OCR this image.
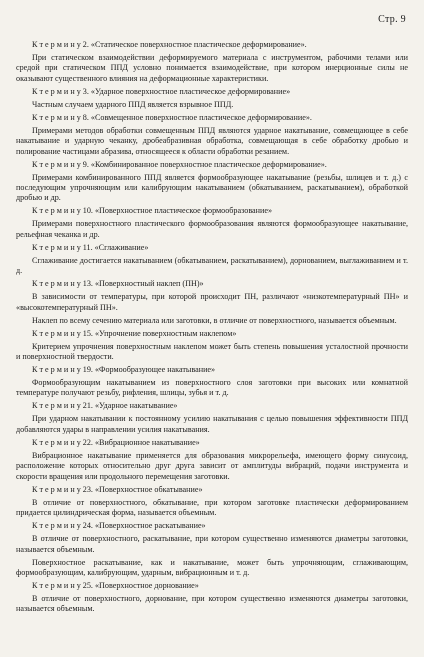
Стр. 9

К т е р м и н у 2. «Статическое поверхностное пластическое деформирование».

При статическом взаимодействии деформируемого материала с инструментом, рабочими телами или средой при статическом ППД условно понимается взаимодействие, при котором инерционные силы не оказывают существенного влияния на деформационные характеристики.

К т е р м и н у 3. «Ударное поверхностное пластическое деформирование»

Частным случаем ударного ППД является взрывное ППД.

К т е р м и н у 8. «Совмещенное поверхностное пластическое деформирование».

Примерами методов обработки совмещенным ППД являются ударное накатывание, совмещающее в себе накатывание и ударную чеканку, дробеабразивная обработка, совмещающая в себе обработку дробью и полирование частицами абразива, относящееся к области обработки резанием.

К т е р м и н у 9. «Комбинированное поверхностное пластическое деформирование».

Примерами комбинированного ППД является формообразующее накатывание (резьбы, шлицев и т. д.) с последующим упрочняющим или калибрующим накатыванием (обкатыванием, раскатыванием), обработкой дробью и др.

К т е р м и н у 10. «Поверхностное пластическое формообразование»

Примерами поверхностного пластического формообразования являются формообразующее накатывание, рельефная чеканка и др.

К т е р м и н у 11. «Сглаживание»

Сглаживание достигается накатыванием (обкатыванием, раскатыванием), дорнованием, выглаживанием и т. д.

К т е р м и н у 13. «Поверхностный наклеп (ПН)»

В зависимости от температуры, при которой происходит ПН, различают «низкотемпературный ПН» и «высокотемпературный ПН».

Наклеп по всему сечению материала или заготовки, в отличие от поверхностного, называется объемным.

К т е р м и н у 15. «Упрочнение поверхностным наклепом»

Критерием упрочнения поверхностным наклепом может быть степень повышения усталостной прочности и поверхностной твердости.

К т е р м и н у 19. «Формообразующее накатывание»

Формообразующим накатыванием из поверхностного слоя заготовки при высоких или комнатной температуре получают резьбу, рифления, шлицы, зубья и т. д.

К т е р м и н у 21. «Ударное накатывание»

При ударном накатывании к постоянному усилию накатывания с целью повышения эффективности ППД добавляются удары в направлении усилия накатывания.

К т е р м и н у 22. «Вибрационное накатывание»

Вибрационное накатывание применяется для образования микрорельефа, имеющего форму синусоид, расположение которых относительно друг друга зависит от амплитуды вибраций, подачи инструмента и скорости вращения или продольного перемещения заготовки.

К т е р м и н у 23. «Поверхностное обкатывание»

В отличие от поверхностного, обкатывание, при котором заготовке пластически деформированием придается цилиндрическая форма, называется объемным.

К т е р м и н у 24. «Поверхностное раскатывание»

В отличие от поверхностного, раскатывание, при котором существенно изменяются диаметры заготовки, называется объемным.

Поверхностное раскатывание, как и накатывание, может быть упрочняющим, сглаживающим, формообразующим, калибрующим, ударным, вибрационным и т. д.

К т е р м и н у 25. «Поверхностное дорнование»

В отличие от поверхностного, дорнование, при котором существенно изменяются диаметры заготовки, называется объемным.
